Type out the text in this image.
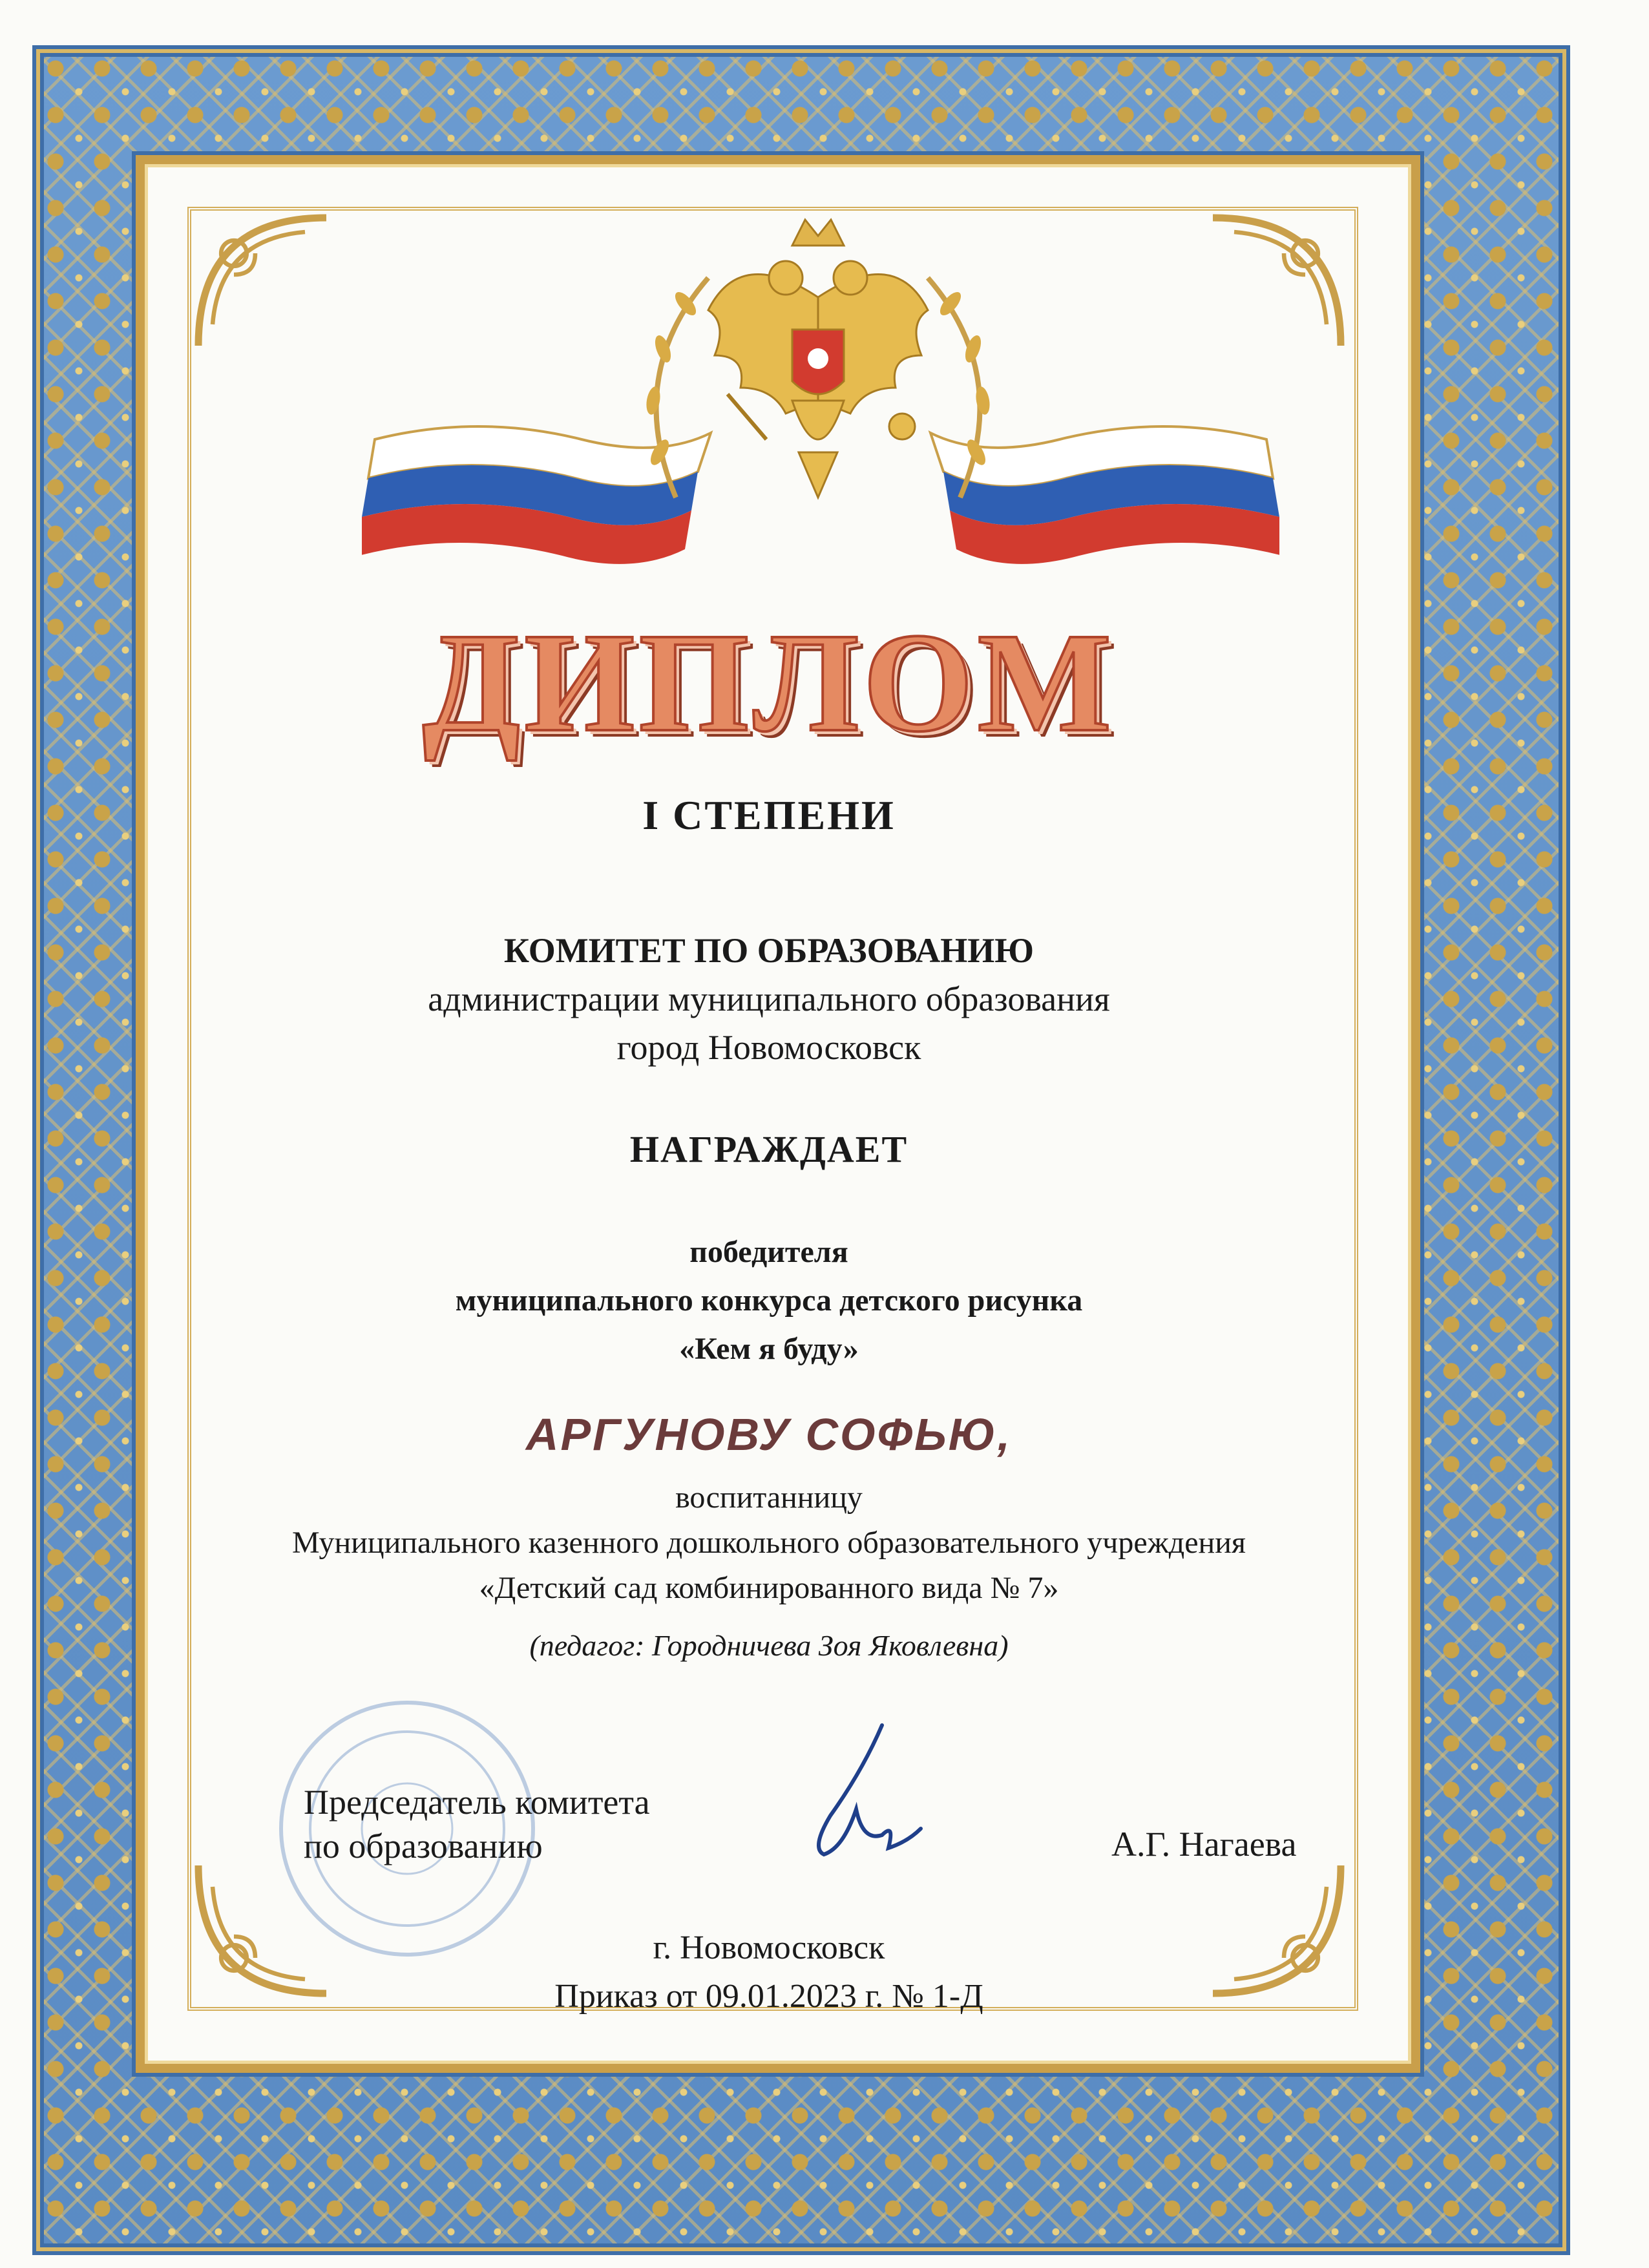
ДИПЛОМ
I СТЕПЕНИ
КОМИТЕТ ПО ОБРАЗОВАНИЮ
администрации муниципального образования
город Новомосковск
НАГРАЖДАЕТ
победителя
муниципального конкурса детского рисунка
«Кем я буду»
АРГУНОВУ СОФЬЮ,
воспитанницу
Муниципального казенного дошкольного образовательного учреждения
«Детский сад комбинированного вида № 7»
(педагог: Городничева Зоя Яковлевна)
Председатель комитета
по образованию	А.Г. Нагаева
г. Новомосковск
Приказ от 09.01.2023 г. № 1-Д
